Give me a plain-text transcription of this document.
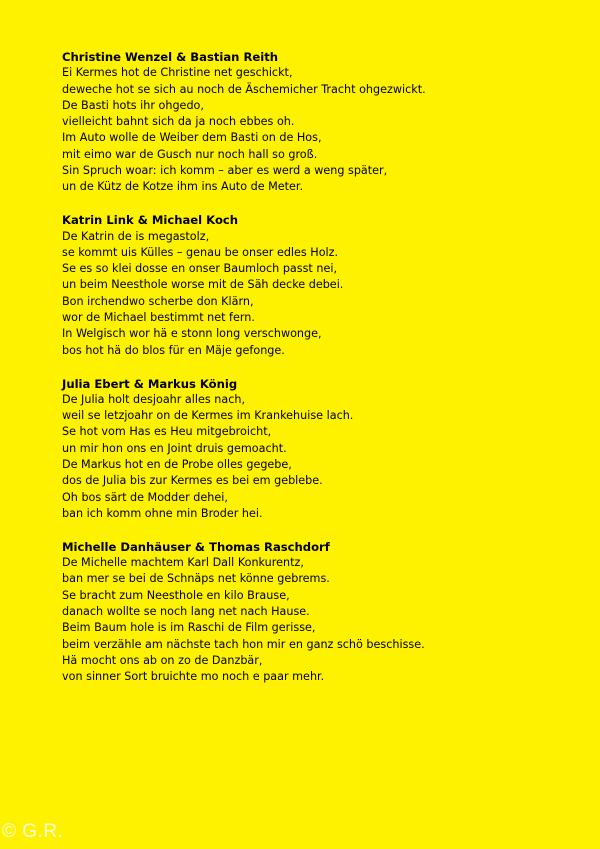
Christine Wenzel & Bastian Reith
Ei Kermes hot de Christine net geschickt,
deweche hot se sich au noch de Äschemicher Tracht ohgezwickt.
De Basti hots ihr ohgedo,
vielleicht bahnt sich da ja noch ebbes oh.
Im Auto wolle de Weiber dem Basti on de Hos,
mit eimo war de Gusch nur noch hall so groß.
Sin Spruch woar: ich komm – aber es werd a weng später,
un de Kütz de Kotze ihm ins Auto de Meter.
Katrin Link & Michael Koch
De Katrin de is megastolz,
se kommt uis Külles – genau be onser edles Holz.
Se es so klei dosse en onser Baumloch passt nei,
un beim Neesthole worse mit de Säh decke debei.
Bon irchendwo scherbe don Klärn,
wor de Michael bestimmt net fern.
In Welgisch wor hä e stonn long verschwonge,
bos hot hä do blos für en Mäje gefonge.
Julia Ebert & Markus König
De Julia holt desjoahr alles nach,
weil se letzjoahr on de Kermes im Krankehuise lach.
Se hot vom Has es Heu mitgebroicht,
un mir hon ons en Joint druis gemoacht.
De Markus hot en de Probe olles gegebe,
dos de Julia bis zur Kermes es bei em geblebe.
Oh bos särt de Modder dehei,
ban ich komm ohne min Broder hei.
Michelle Danhäuser & Thomas Raschdorf
De Michelle machtem Karl Dall Konkurentz,
ban mer se bei de Schnäps net könne gebrems.
Se bracht zum Neesthole en kilo Brause,
danach wollte se noch lang net nach Hause.
Beim Baum hole is im Raschi de Film gerisse,
beim verzähle am nächste tach hon mir en ganz schö beschisse.
Hä mocht ons ab on zo de Danzbär,
von sinner Sort bruichte mo noch e paar mehr.
© G.R.
